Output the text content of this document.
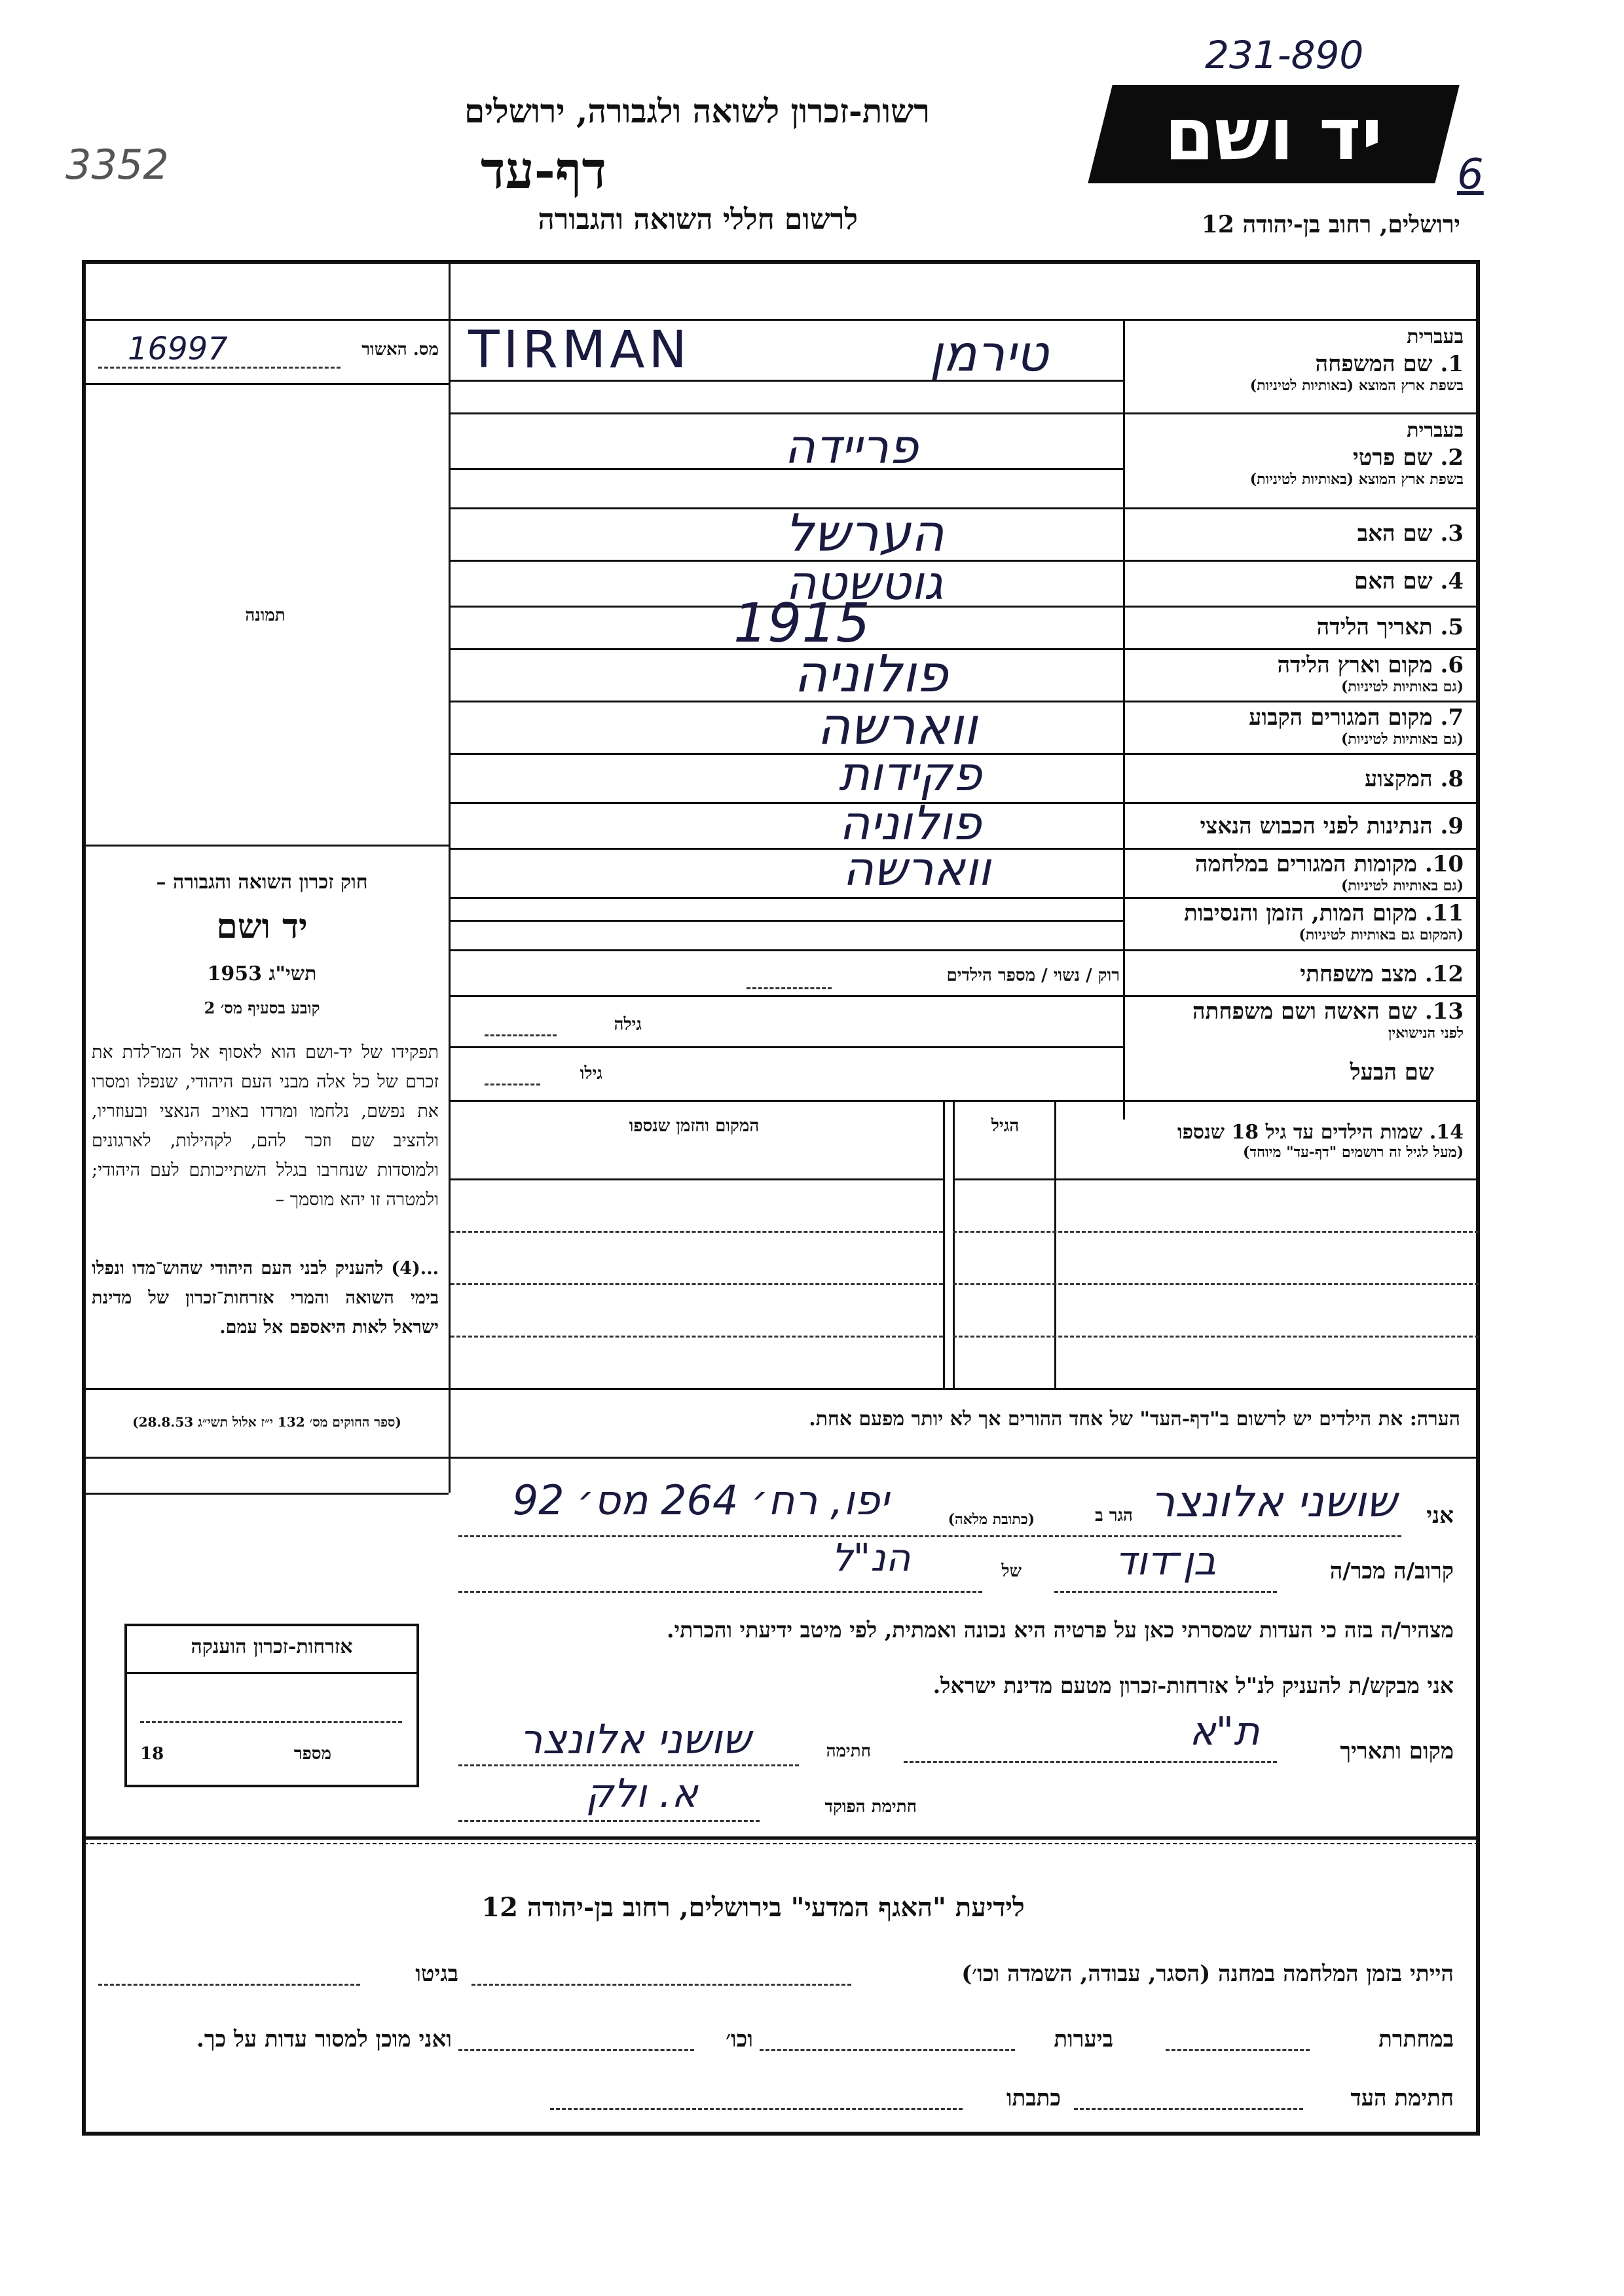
231-890
3352	6
רשות-זכרון לשואה ולגבורה, ירושלים
דף-עד
לרשום חללי השואה והגבורה	ירושלים, רחוב בן-יהודה 12
יד ושם
16997	מס. האשור
תמונה
חוק זכרון השואה והגבורה –
יד ושם
תשי"ג 1953
קובע בסעיף מס׳ 2
תפקידו של יד-ושם הוא לאסוף אל המו־לדת את זכרם של כל אלה מבני העם היהודי, שנפלו ומסרו את נפשם, נלחמו ומרדו באויב הנאצי ובעוזריו, ולהציב שם וזכר להם, לקהילות, לארגונים ולמוסדות שנחרבו בגלל השתייכותם לעם היהודי; ולמטרה זו יהא מוסמך –
...(4) להעניק לבני העם היהודי שהוש־מדו ונפלו בימי השואה והמרי אזרחות־זכרון של מדינת ישראל לאות היאספם אל עמם.
(ספר החוקים מס׳ 132 י״ז אלול תשי״ג 28.8.53)
בעברית
1. שם המשפחה
בשפת ארץ המוצא (באותיות לטיניות)
TIRMAN	טירמן
בעברית
2. שם פרטי
בשפת ארץ המוצא (באותיות לטיניות)
פריידה
3. שם האב
הערשל
4. שם האם
גוטשטה
5. תאריך הלידה
1915
6. מקום וארץ הלידה
(גם באותיות לטיניות)
פולוניה
7. מקום המגורים הקבוע
(גם באותיות לטיניות)
ווארשה
8. המקצוע
פקידות
9. הנתינות לפני הכבוש הנאצי
פולוניה
10. מקומות המגורים במלחמה
(גם באותיות לטיניות)
ווארשה
11. מקום המות, הזמן והנסיבות
(המקום גם באותיות לטיניות)
12. מצב משפחתי
רוק / נשוי / מספר הילדים
13. שם האשה ושם משפחתה
לפני הנישואין
גילה
שם הבעל
גילו
14. שמות הילדים עד גיל 18 שנספו
(מעל לגיל זה רושמים "דף-עד" מיוחד)
הגיל
המקום והזמן שנספו
הערה: את הילדים יש לרשום ב"דף-העד" של אחד ההורים אך לא יותר מפעם אחת.
אני
שושני אלונצר
הגר ב
(כתובת מלאה)
יפו, רח׳ 264 מס׳ 92
קרוב/ה מכר/ה
בן־דוד
של
הנ"ל
מצהיר/ה בזה כי העדות שמסרתי כאן על פרטיה היא נכונה ואמתית, לפי מיטב ידיעתי והכרתי.
אני מבקש/ת להעניק לנ"ל אזרחות-זכרון מטעם מדינת ישראל.
מקום ותאריך
ת"א
חתימה
שושני אלונצר
א. ולק	חתימת הפוקד
אזרחות-זכרון הוענקה
מספר
18
לידיעת "האגף המדעי" בירושלים, רחוב בן-יהודה 12
הייתי בזמן המלחמה במחנה (הסגר, עבודה, השמדה וכו׳)
בגיטו
במחתרת
ביערות
וכו׳
ואני מוכן למסור עדות על כך.
חתימת העד
כתבתו
